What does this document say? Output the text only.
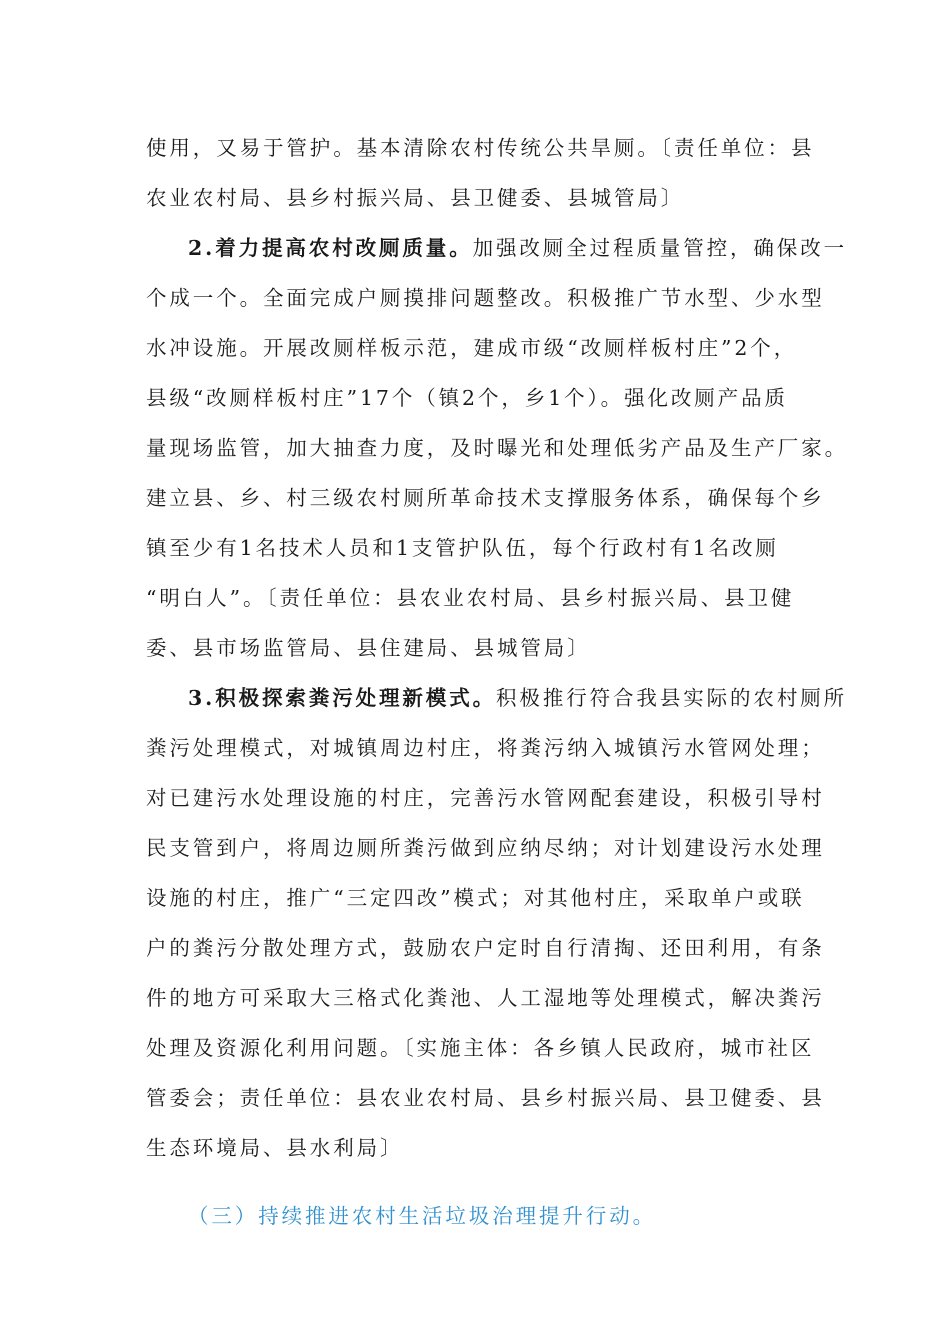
使用，又易于管护。基本清除农村传统公共旱厕。〔责任单位：县
农业农村局、县乡村振兴局、县卫健委、县城管局〕
2.着力提高农村改厕质量。加强改厕全过程质量管控，确保改一
个成一个。全面完成户厕摸排问题整改。积极推广节水型、少水型
水冲设施。开展改厕样板示范，建成市级“改厕样板村庄”2个，
县级“改厕样板村庄”17个（镇2个，乡1个）。强化改厕产品质
量现场监管，加大抽查力度，及时曝光和处理低劣产品及生产厂家。
建立县、乡、村三级农村厕所革命技术支撑服务体系，确保每个乡
镇至少有1名技术人员和1支管护队伍，每个行政村有1名改厕
“明白人”。〔责任单位：县农业农村局、县乡村振兴局、县卫健
委、县市场监管局、县住建局、县城管局〕
3.积极探索粪污处理新模式。积极推行符合我县实际的农村厕所
粪污处理模式，对城镇周边村庄，将粪污纳入城镇污水管网处理；
对已建污水处理设施的村庄，完善污水管网配套建设，积极引导村
民支管到户，将周边厕所粪污做到应纳尽纳；对计划建设污水处理
设施的村庄，推广“三定四改”模式；对其他村庄，采取单户或联
户的粪污分散处理方式，鼓励农户定时自行清掏、还田利用，有条
件的地方可采取大三格式化粪池、人工湿地等处理模式，解决粪污
处理及资源化利用问题。〔实施主体：各乡镇人民政府，城市社区
管委会；责任单位：县农业农村局、县乡村振兴局、县卫健委、县
生态环境局、县水利局〕
（三）持续推进农村生活垃圾治理提升行动。
